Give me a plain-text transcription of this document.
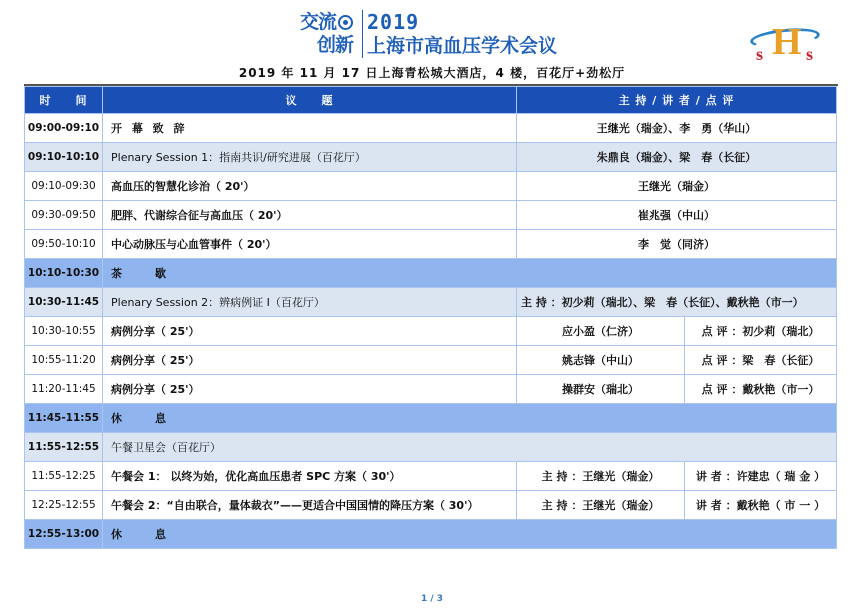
交流
创新
2019
上海市高血压学术会议	H
s s
2019 年 11 月 17 日上海青松城大酒店，4 楼，百花厅+劲松厅
时　　间	议　　题	主 持 / 讲 者 / 点 评	
09:00-09:10	开 幕 致 辞	王继光（瑞金）、李　勇（华山）	
09:10-10:10	Plenary Session 1：指南共识/研究进展（百花厅）	朱鼎良（瑞金）、梁　春（长征）	
09:10-09:30	高血压的智慧化诊治（ 20'）	王继光（瑞金）	
09:30-09:50	肥胖、代谢综合征与高血压（ 20'）	崔兆强（中山）	
09:50-10:10	中心动脉压与心血管事件（ 20'）	李　觉（同济）	
10:10-10:30	茶　　　歇		
10:30-11:45	Plenary Session 2：辨病例证 I（百花厅）	主 持 ：初少莉（瑞北）、梁　春（长征）、戴秋艳（市一）	
10:30-10:55	病例分享（ 25'）	应小盈（仁济）	点 评 ：初少莉（瑞北）
10:55-11:20	病例分享（ 25'）	姚志锋（中山）	点 评 ：梁　春（长征）
11:20-11:45	病例分享（ 25'）	操群安（瑞北）	点 评 ：戴秋艳（市一）
11:45-11:55	休　　　息		
11:55-12:55	午餐卫星会（百花厅）		
11:55-12:25	午餐会 1： 以终为始，优化高血压患者 SPC 方案（ 30'）	主 持 ：王继光（瑞金）	讲 者 ：许建忠（ 瑞 金 ）
12:25-12:55	午餐会 2：“自由联合，量体裁衣”——更适合中国国情的降压方案（ 30'）	主 持 ：王继光（瑞金）	讲 者 ：戴秋艳（ 市 一 ）
12:55-13:00	休　　　息		
1 / 3
